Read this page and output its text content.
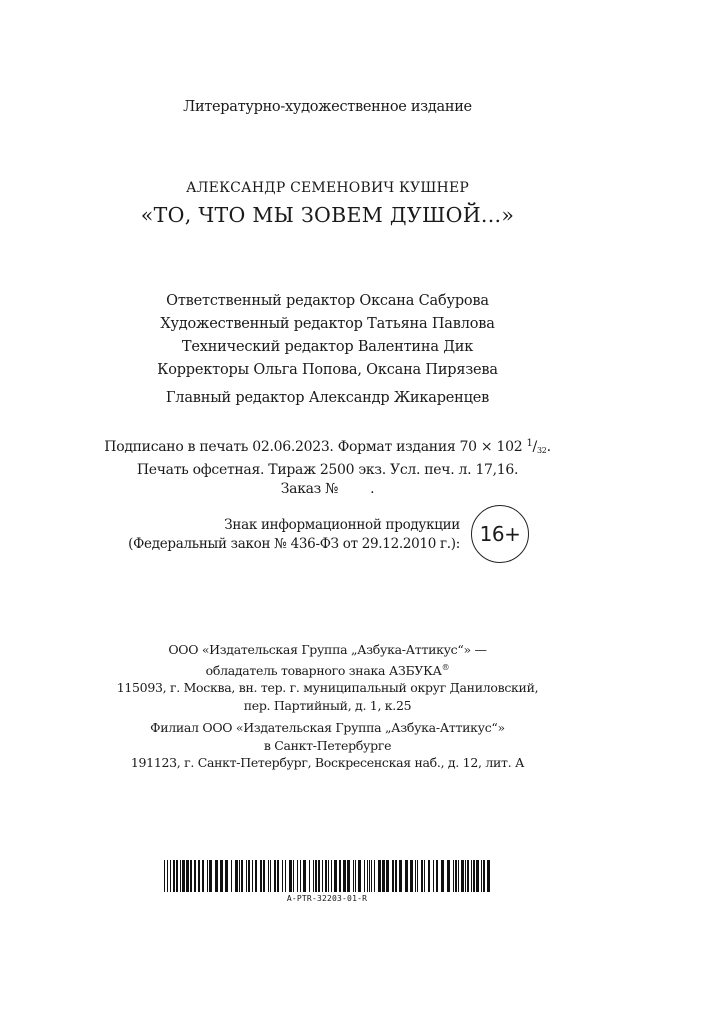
Литературно-художественное издание
АЛЕКСАНДР СЕМЕНОВИЧ КУШНЕР
«ТО, ЧТО МЫ ЗОВЕМ ДУШОЙ...»
Ответственный редактор Оксана Сабурова
Художественный редактор Татьяна Павлова
Технический редактор Валентина Дик
Корректоры Ольга Попова, Оксана Пирязева
Главный редактор Александр Жикаренцев
Подписано в печать 02.06.2023. Формат издания 70 × 102 $^1/_{32}$.
Печать офсетная. Тираж 2500 экз. Усл. печ. л. 17,16.
Заказ № .
Знак информационной продукции
(Федеральный закон № 436-ФЗ от 29.12.2010 г.): 16+
ООО «Издательская Группа „Азбука-Аттикус“» —
обладатель товарного знака АЗБУКА®
115093, г. Москва, вн. тер. г. муниципальный округ Даниловский,
пер. Партийный, д. 1, к.25
Филиал ООО «Издательская Группа „Азбука-Аттикус“»
в Санкт-Петербурге
191123, г. Санкт-Петербург, Воскресенская наб., д. 12, лит. А
A-PTR-32203-01-R
